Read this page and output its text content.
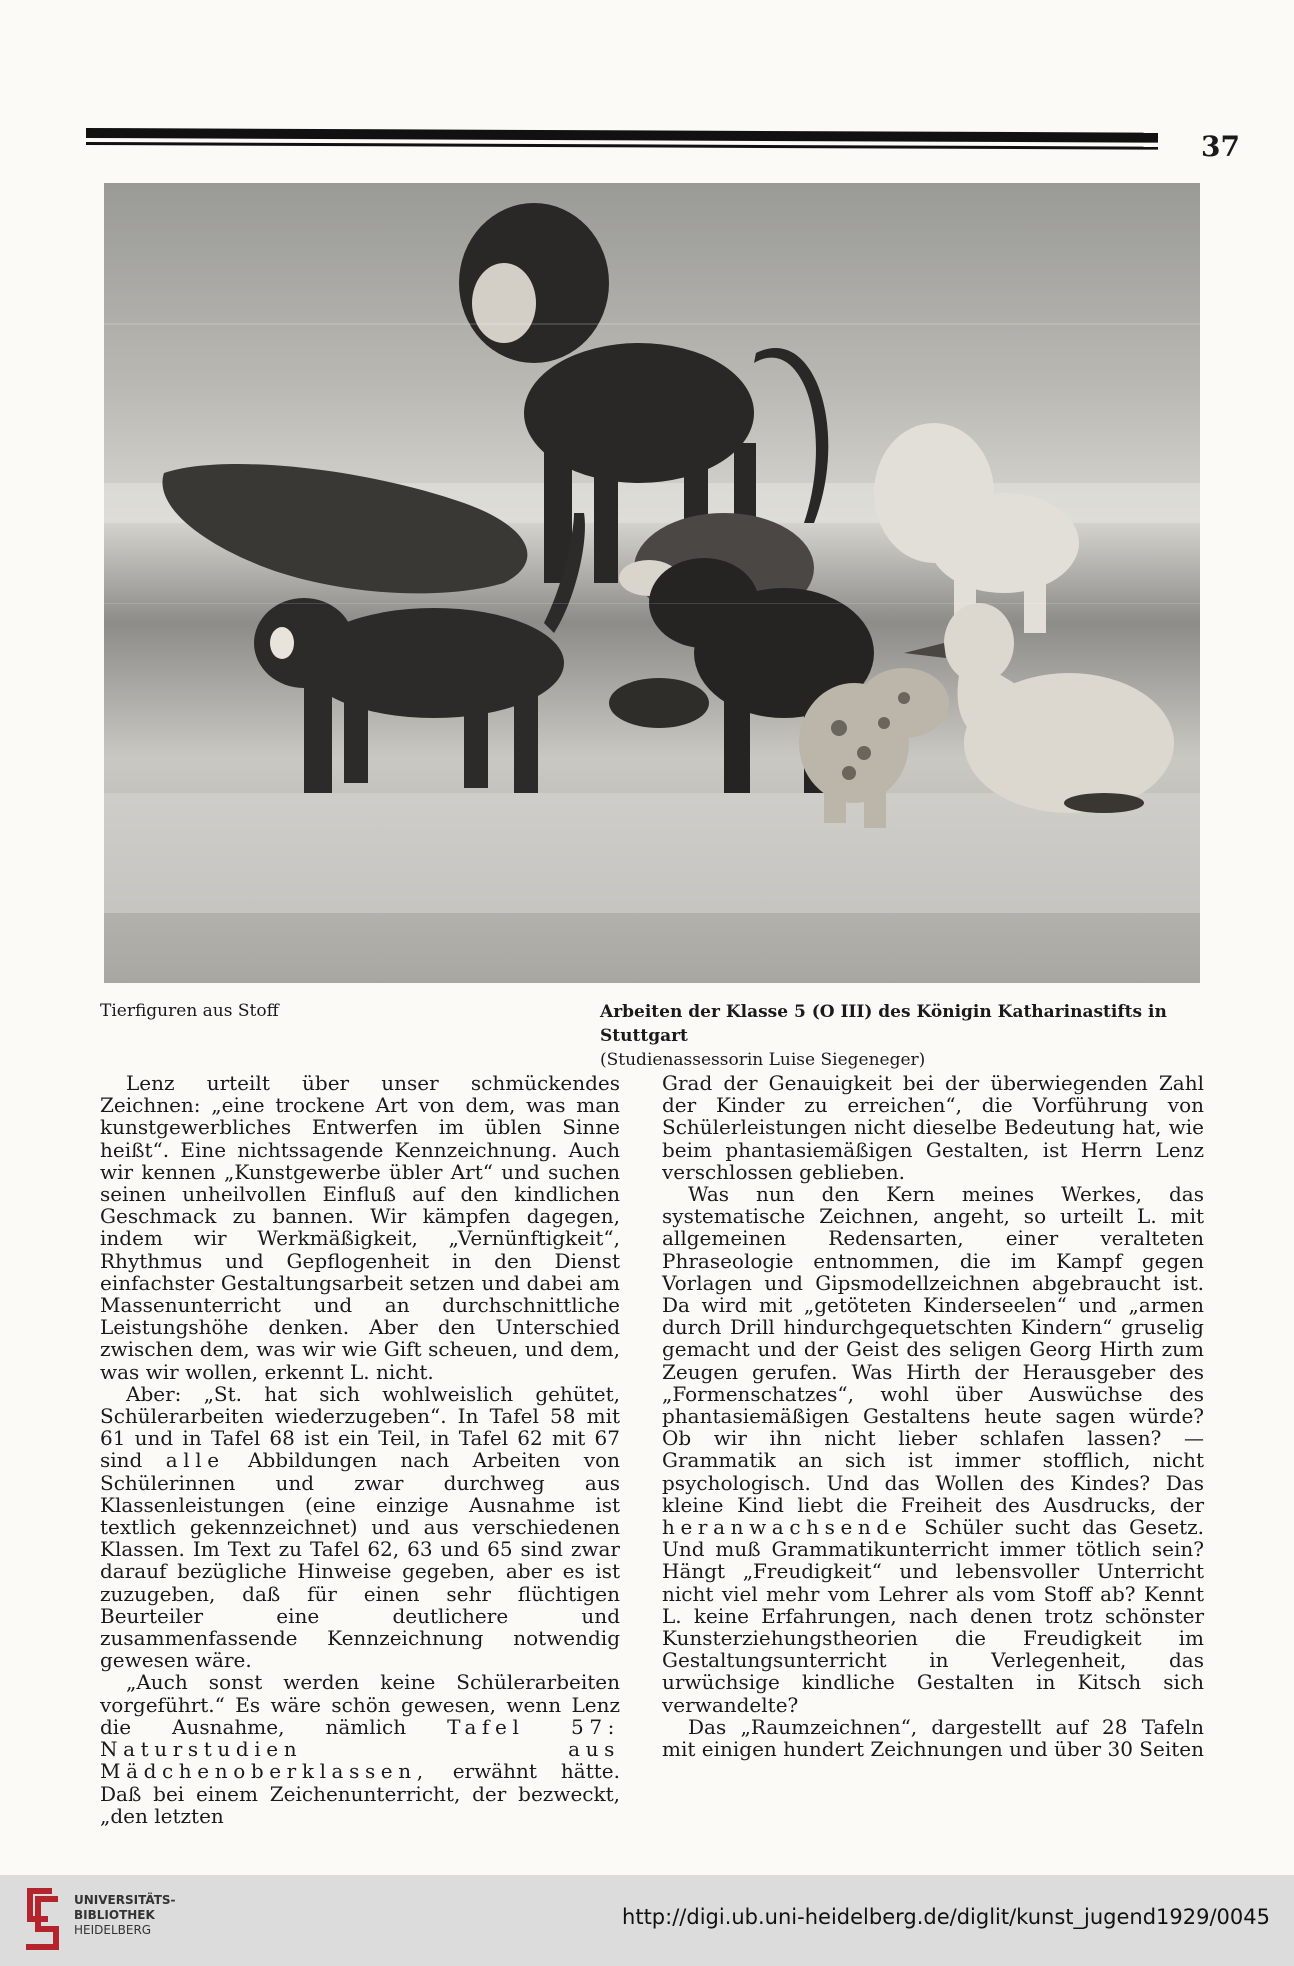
37
Tierfiguren aus Stoff	Arbeiten der Klasse 5 (O III) des Königin Katharinastifts in Stuttgart
(Studienassessorin Luise Siegeneger)

Lenz urteilt über unser schmückendes Zeichnen: „eine trockene Art von dem, was man kunstgewerbliches Entwerfen im üblen Sinne heißt“. Eine nichtssagende Kennzeichnung. Auch wir kennen „Kunstgewerbe übler Art“ und suchen seinen unheilvollen Einfluß auf den kindlichen Geschmack zu bannen. Wir kämpfen dagegen, indem wir Werkmäßigkeit, „Vernünftigkeit“, Rhythmus und Gepflogenheit in den Dienst einfachster Gestaltungsarbeit setzen und dabei am Massenunterricht und an durchschnittliche Leistungshöhe denken. Aber den Unterschied zwischen dem, was wir wie Gift scheuen, und dem, was wir wollen, erkennt L. nicht.

Aber: „St. hat sich wohlweislich gehütet, Schülerarbeiten wiederzugeben“. In Tafel 58 mit 61 und in Tafel 68 ist ein Teil, in Tafel 62 mit 67 sind alle Abbildungen nach Arbeiten von Schülerinnen und zwar durchweg aus Klassenleistungen (eine einzige Ausnahme ist textlich gekennzeichnet) und aus verschiedenen Klassen. Im Text zu Tafel 62, 63 und 65 sind zwar darauf bezügliche Hinweise gegeben, aber es ist zuzugeben, daß für einen sehr flüchtigen Beurteiler eine deutlichere und zusammenfassende Kennzeichnung notwendig gewesen wäre.

„Auch sonst werden keine Schülerarbeiten vorgeführt.“ Es wäre schön gewesen, wenn Lenz die Ausnahme, nämlich Tafel 57: Naturstudien aus Mädchenoberklassen, erwähnt hätte. Daß bei einem Zeichenunterricht, der bezweckt, „den letzten

Grad der Genauigkeit bei der überwiegenden Zahl der Kinder zu erreichen“, die Vorführung von Schülerleistungen nicht dieselbe Bedeutung hat, wie beim phantasiemäßigen Gestalten, ist Herrn Lenz verschlossen geblieben.

Was nun den Kern meines Werkes, das systematische Zeichnen, angeht, so urteilt L. mit allgemeinen Redensarten, einer veralteten Phraseologie entnommen, die im Kampf gegen Vorlagen und Gipsmodellzeichnen abgebraucht ist. Da wird mit „getöteten Kinderseelen“ und „armen durch Drill hindurchgequetschten Kindern“ gruselig gemacht und der Geist des seligen Georg Hirth zum Zeugen gerufen. Was Hirth der Herausgeber des „Formenschatzes“, wohl über Auswüchse des phantasiemäßigen Gestaltens heute sagen würde? Ob wir ihn nicht lieber schlafen lassen? — Grammatik an sich ist immer stofflich, nicht psychologisch. Und das Wollen des Kindes? Das kleine Kind liebt die Freiheit des Ausdrucks, der heranwachsende Schüler sucht das Gesetz. Und muß Grammatikunterricht immer tötlich sein? Hängt „Freudigkeit“ und lebensvoller Unterricht nicht viel mehr vom Lehrer als vom Stoff ab? Kennt L. keine Erfahrungen, nach denen trotz schönster Kunsterziehungstheorien die Freudigkeit im Gestaltungsunterricht in Verlegenheit, das urwüchsige kindliche Gestalten in Kitsch sich verwandelte?

Das „Raumzeichnen“, dargestellt auf 28 Tafeln mit einigen hundert Zeichnungen und über 30 Seiten

UNIVERSITÄTS-
BIBLIOTHEK
HEIDELBERG
http://digi.ub.uni-heidelberg.de/diglit/kunst_jugend1929/0045
